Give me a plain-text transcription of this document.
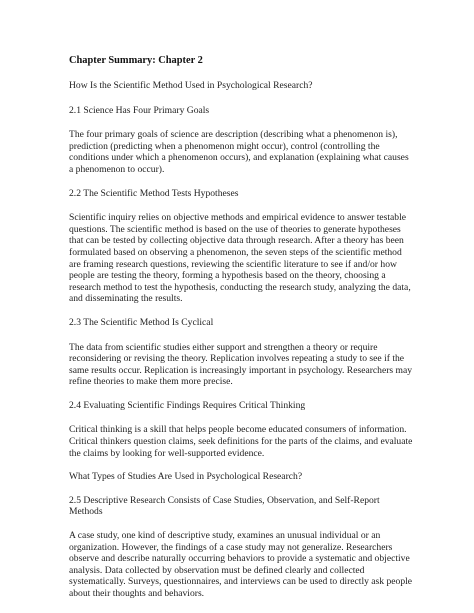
Chapter Summary: Chapter 2

How Is the Scientific Method Used in Psychological Research?

2.1 Science Has Four Primary Goals

The four primary goals of science are description (describing what a phenomenon is), prediction (predicting when a phenomenon might occur), control (controlling the conditions under which a phenomenon occurs), and explanation (explaining what causes a phenomenon to occur).

2.2 The Scientific Method Tests Hypotheses

Scientific inquiry relies on objective methods and empirical evidence to answer testable questions. The scientific method is based on the use of theories to generate hypotheses that can be tested by collecting objective data through research. After a theory has been formulated based on observing a phenomenon, the seven steps of the scientific method are framing research questions, reviewing the scientific literature to see if and/or how people are testing the theory, forming a hypothesis based on the theory, choosing a research method to test the hypothesis, conducting the research study, analyzing the data, and disseminating the results.

2.3 The Scientific Method Is Cyclical

The data from scientific studies either support and strengthen a theory or require reconsidering or revising the theory. Replication involves repeating a study to see if the same results occur. Replication is increasingly important in psychology. Researchers may refine theories to make them more precise.

2.4 Evaluating Scientific Findings Requires Critical Thinking

Critical thinking is a skill that helps people become educated consumers of information. Critical thinkers question claims, seek definitions for the parts of the claims, and evaluate the claims by looking for well-supported evidence.

What Types of Studies Are Used in Psychological Research?

2.5 Descriptive Research Consists of Case Studies, Observation, and Self-Report Methods

A case study, one kind of descriptive study, examines an unusual individual or an organization. However, the findings of a case study may not generalize. Researchers observe and describe naturally occurring behaviors to provide a systematic and objective analysis. Data collected by observation must be defined clearly and collected systematically. Surveys, questionnaires, and interviews can be used to directly ask people about their thoughts and behaviors.
